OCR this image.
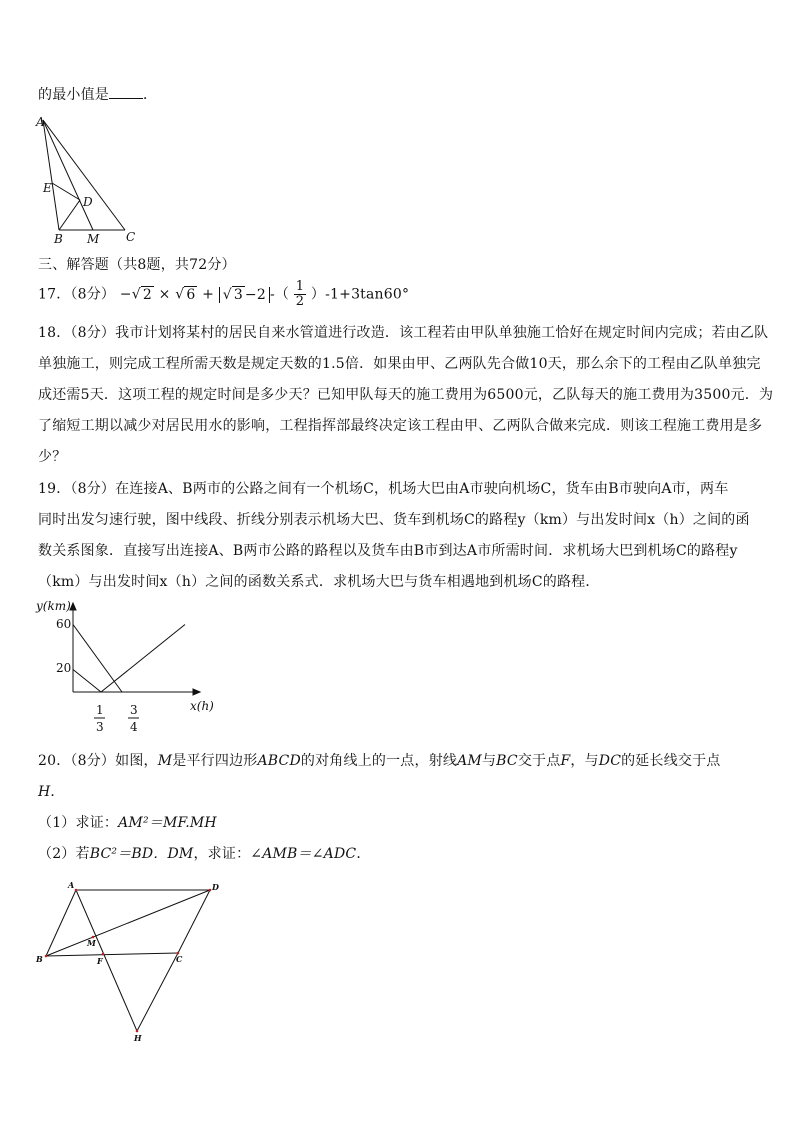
的最小值是 ．
A
E
D
B M C
三、解答题（共8题，共72分）
17．（8分） −√ 2 × √ 6 + √ 3 −2 -（ $\frac{1}{2} )-1+3\tan 60^\circ$
18．（8分）我市计划将某村的居民自来水管道进行改造．该工程若由甲队单独施工恰好在规定时间内完成；若由乙队
单独施工，则完成工程所需天数是规定天数的1.5倍．如果由甲、乙两队先合做10天，那么余下的工程由乙队单独完
成还需5天．这项工程的规定时间是多少天？已知甲队每天的施工费用为6500元，乙队每天的施工费用为3500元．为
了缩短工期以减少对居民用水的影响，工程指挥部最终决定该工程由甲、乙两队合做来完成．则该工程施工费用是多
少？
19．（8分）在连接A、B两市的公路之间有一个机场C，机场大巴由A市驶向机场C，货车由B市驶向A市，两车
同时出发匀速行驶，图中线段、折线分别表示机场大巴、货车到机场C的路程y（km）与出发时间x（h）之间的函
数关系图象．直接写出连接A、B两市公路的路程以及货车由B市到达A市所需时间．求机场大巴到机场C的路程y
（km）与出发时间x（h）之间的函数关系式．求机场大巴与货车相遇地到机场C的路程．
y(km)
x(h)
60
20
1
3
3
4
20．（8分）如图，M是平行四边形ABCD的对角线上的一点，射线AM与BC交于点F，与DC的延长线交于点
H．
（1）求证：AM²＝MF.MH
（2）若BC²＝BD．DM，求证：∠AMB＝∠ADC．
A	D
M
B	F	C
H
